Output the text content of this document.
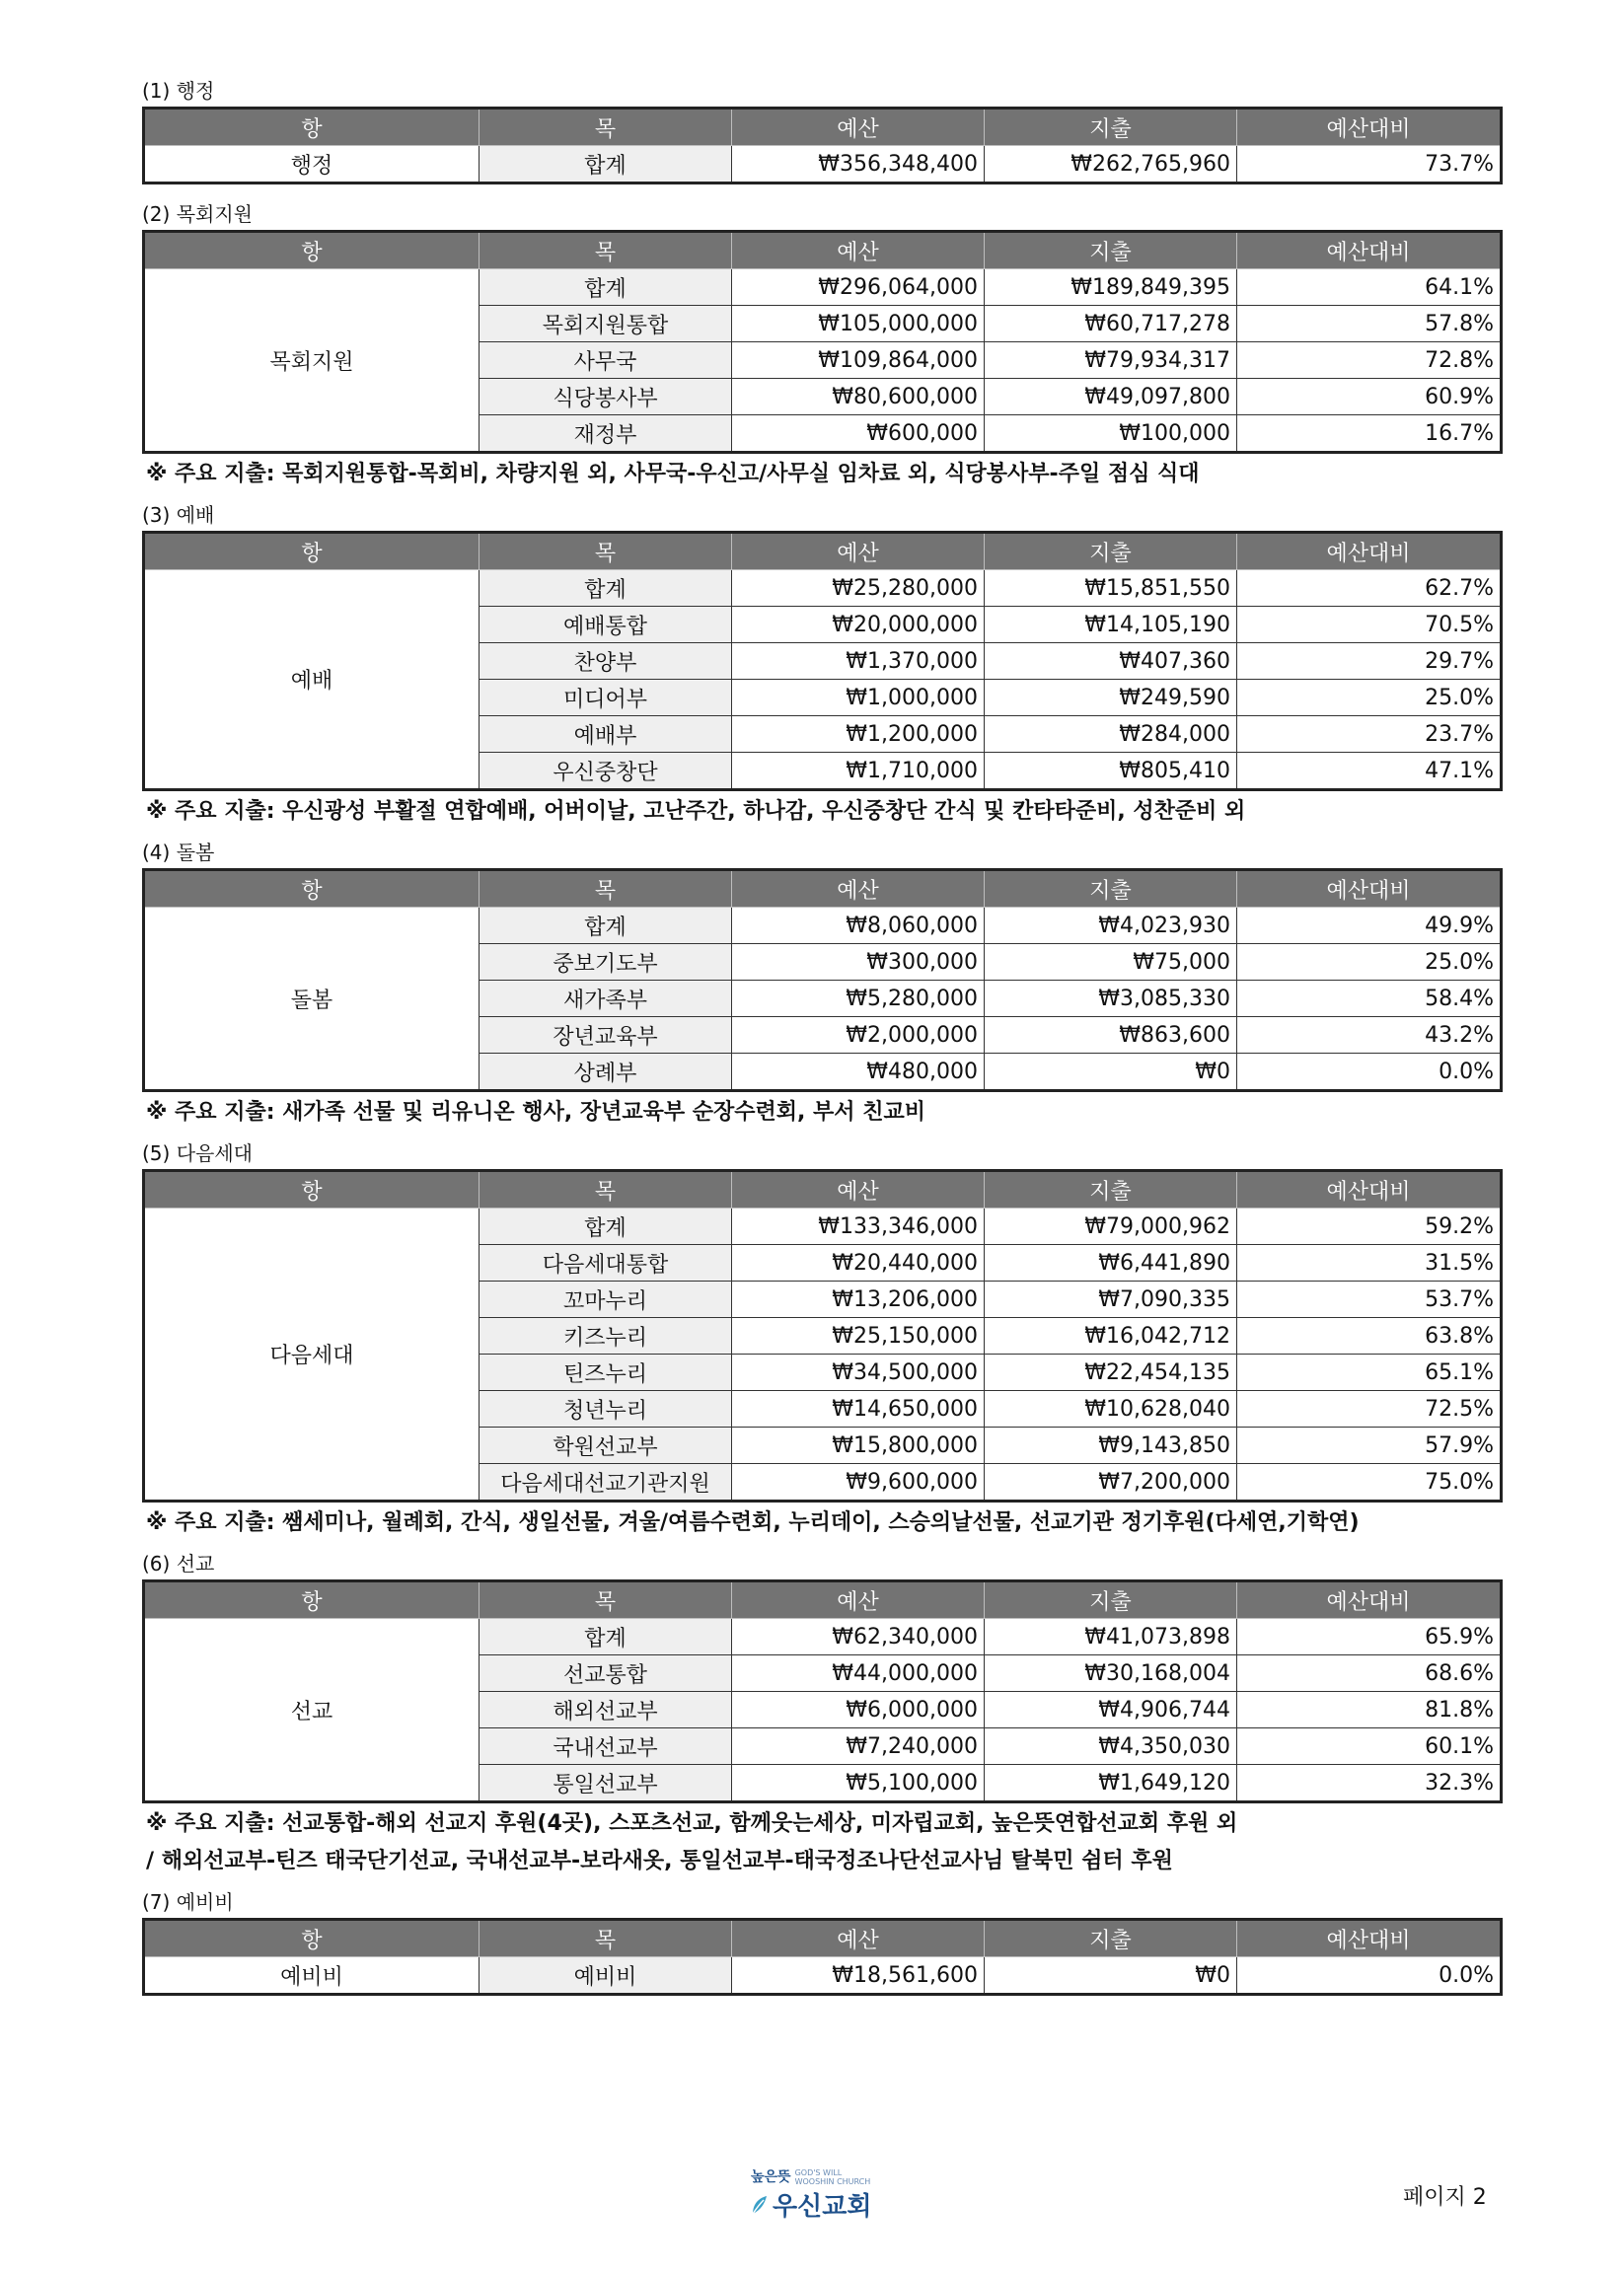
(1) 행정
항	목	예산	지출	예산대비
행정	합계	₩356,348,400	₩262,765,960	73.7%
(2) 목회지원
항	목	예산	지출	예산대비
목회지원	합계	₩296,064,000	₩189,849,395	64.1%
	목회지원통합	₩105,000,000	₩60,717,278	57.8%
	사무국	₩109,864,000	₩79,934,317	72.8%
	식당봉사부	₩80,600,000	₩49,097,800	60.9%
	재정부	₩600,000	₩100,000	16.7%
※ 주요 지출: 목회지원통합-목회비, 차량지원 외, 사무국-우신고/사무실 임차료 외, 식당봉사부-주일 점심 식대
(3) 예배
항	목	예산	지출	예산대비
예배	합계	₩25,280,000	₩15,851,550	62.7%
	예배통합	₩20,000,000	₩14,105,190	70.5%
	찬양부	₩1,370,000	₩407,360	29.7%
	미디어부	₩1,000,000	₩249,590	25.0%
	예배부	₩1,200,000	₩284,000	23.7%
	우신중창단	₩1,710,000	₩805,410	47.1%
※ 주요 지출: 우신광성 부활절 연합예배, 어버이날, 고난주간, 하나감, 우신중창단 간식 및 칸타타준비, 성찬준비 외
(4) 돌봄
항	목	예산	지출	예산대비
돌봄	합계	₩8,060,000	₩4,023,930	49.9%
	중보기도부	₩300,000	₩75,000	25.0%
	새가족부	₩5,280,000	₩3,085,330	58.4%
	장년교육부	₩2,000,000	₩863,600	43.2%
	상례부	₩480,000	₩0	0.0%
※ 주요 지출: 새가족 선물 및 리유니온 행사, 장년교육부 순장수련회, 부서 친교비
(5) 다음세대
항	목	예산	지출	예산대비
다음세대	합계	₩133,346,000	₩79,000,962	59.2%
	다음세대통합	₩20,440,000	₩6,441,890	31.5%
	꼬마누리	₩13,206,000	₩7,090,335	53.7%
	키즈누리	₩25,150,000	₩16,042,712	63.8%
	틴즈누리	₩34,500,000	₩22,454,135	65.1%
	청년누리	₩14,650,000	₩10,628,040	72.5%
	학원선교부	₩15,800,000	₩9,143,850	57.9%
	다음세대선교기관지원	₩9,600,000	₩7,200,000	75.0%
※ 주요 지출: 쌤세미나, 월례회, 간식, 생일선물, 겨울/여름수련회, 누리데이, 스승의날선물, 선교기관 정기후원(다세연,기학연)
(6) 선교
항	목	예산	지출	예산대비
선교	합계	₩62,340,000	₩41,073,898	65.9%
	선교통합	₩44,000,000	₩30,168,004	68.6%
	해외선교부	₩6,000,000	₩4,906,744	81.8%
	국내선교부	₩7,240,000	₩4,350,030	60.1%
	통일선교부	₩5,100,000	₩1,649,120	32.3%
※ 주요 지출: 선교통합-해외 선교지 후원(4곳), 스포츠선교, 함께웃는세상, 미자립교회, 높은뜻연합선교회 후원 외
/ 해외선교부-틴즈 태국단기선교, 국내선교부-보라새옷, 통일선교부-태국정조나단선교사님 탈북민 쉼터 후원
(7) 예비비
항	목	예산	지출	예산대비
예비비	예비비	₩18,561,600	₩0	0.0%
높은뜻 GOD'S WILL
WOOSHIN CHURCH
우신교회	페이지 2
